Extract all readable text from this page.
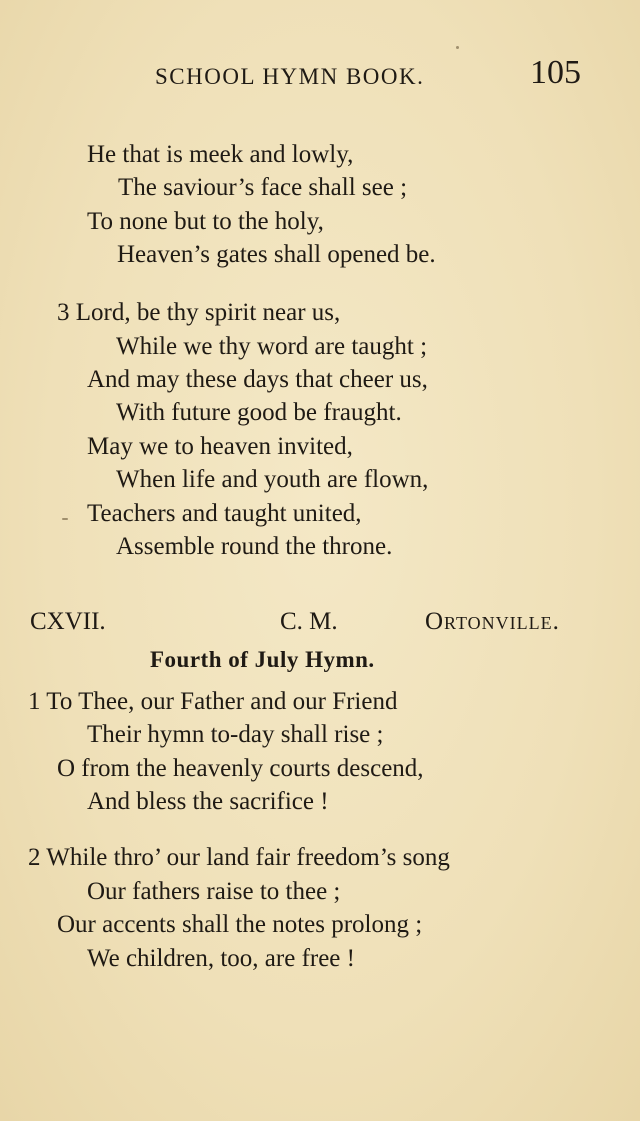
SCHOOL HYMN BOOK.	105
He that is meek and lowly,
The saviour’s face shall see ;
To none but to the holy,
Heaven’s gates shall opened be.
3 Lord, be thy spirit near us,
While we thy word are taught ;
And may these days that cheer us,
With future good be fraught.
May we to heaven invited,
When life and youth are flown,
Teachers and taught united,
Assemble round the throne.
CXVII.	C. M.	Ortonville.
Fourth of July Hymn.
1 To Thee, our Father and our Friend
Their hymn to-day shall rise ;
O from the heavenly courts descend,
And bless the sacrifice !
2 While thro’ our land fair freedom’s song
Our fathers raise to thee ;
Our accents shall the notes prolong ;
We children, too, are free !
